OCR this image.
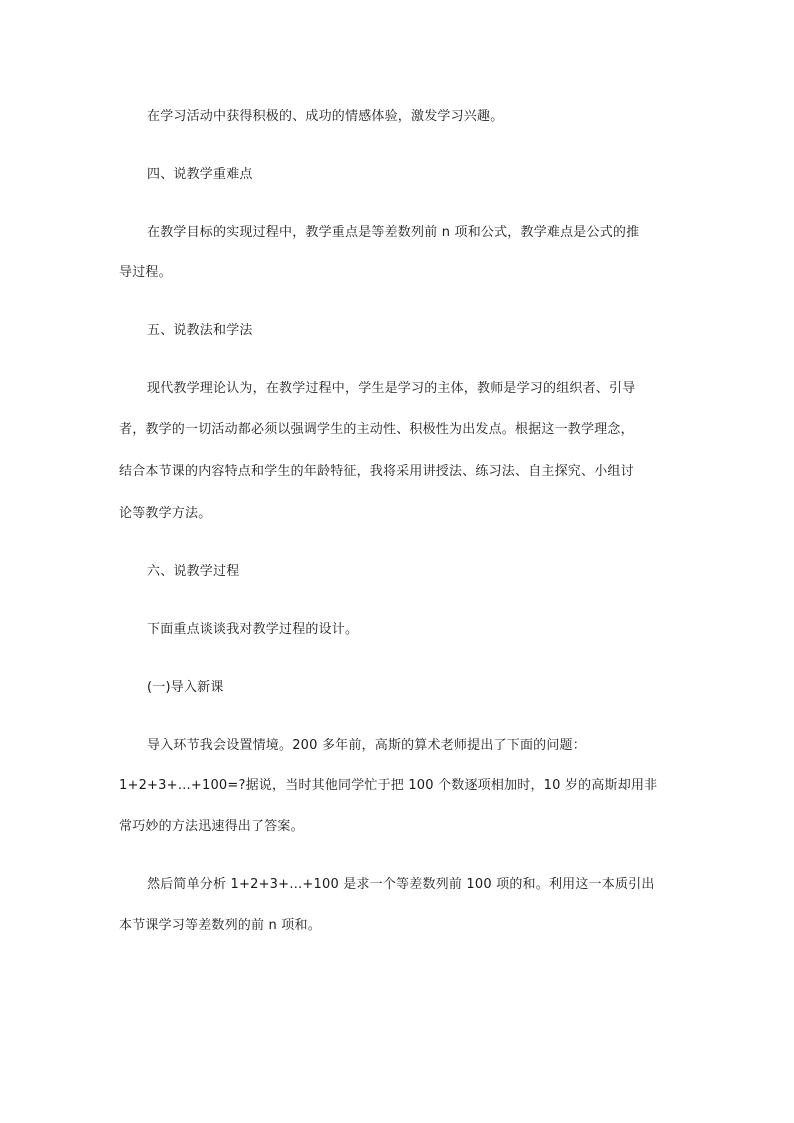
在学习活动中获得积极的、成功的情感体验，激发学习兴趣。
四、说教学重难点
在教学目标的实现过程中，教学重点是等差数列前 n 项和公式，教学难点是公式的推
导过程。
五、说教法和学法
现代教学理论认为，在教学过程中，学生是学习的主体，教师是学习的组织者、引导
者，教学的一切活动都必须以强调学生的主动性、积极性为出发点。根据这一教学理念，
结合本节课的内容特点和学生的年龄特征，我将采用讲授法、练习法、自主探究、小组讨
论等教学方法。
六、说教学过程
下面重点谈谈我对教学过程的设计。
(一)导入新课
导入环节我会设置情境。200 多年前，高斯的算术老师提出了下面的问题：
1+2+3+…+100=?据说，当时其他同学忙于把 100 个数逐项相加时，10 岁的高斯却用非
常巧妙的方法迅速得出了答案。
然后简单分析 1+2+3+…+100 是求一个等差数列前 100 项的和。利用这一本质引出
本节课学习等差数列的前 n 项和。
